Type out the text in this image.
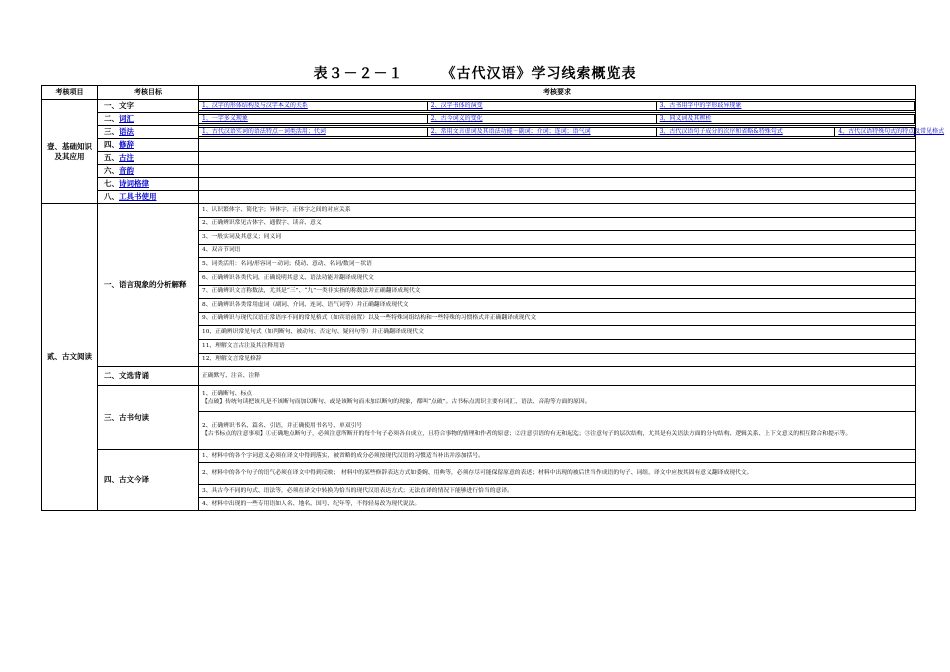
表３－２－１　　　《古代汉语》学习线索概览表
考核项目	考核目标	考核要求
壹、基础知识及其应用	一、文字		1、汉字的形体结构及与汉字本义的关系	2、汉字书体的演变	3、古书用字中的字形歧异现象

二、词汇		1、一字多义现象	2、古今词义的变化	3、同义词及其辨析

三、语法		1、古代汉语实词的语法特点－词类活用；代词	2、常用文言虚词及其语法功能－副词；介词；连词；语气词	3、古代汉语句子成分的次序和省略&特殊句式	4、古代汉语特殊句式的特点及常见格式

四、修辞	
五、古注	
六、音韵	
七、诗词格律	
八、工具书使用	
贰、古文阅读	一、语言现象的分析解释	1、认识繁体字、简化字；异体字，正体字之间的对应关系
2、正确辨识常见古体字、通假字、读音、意义
3、一般实词及其意义；同义词
4、双音节词语
5、词类活用：名词/形容词－动词；使动、意动、名词/数词－状语
6、正确辨识各类代词，正确说明其意义、语法功能并翻译成现代文
7、正确辨识文言称数法，尤其是“三”、“九”一类非实指的称数法并正确翻译成现代文
8、正确辨识各类常用虚词（副词、介词、连词、语气词等）并正确翻译成现代文
9、正确辨识与现代汉语正常语序不同的常见格式（如宾语前置）以及一些特殊词组结构和一些特殊的习惯格式并正确翻译成现代文
10、正确辨识常见句式（如判断句、被动句、否定句、疑问句等）并正确翻译成现代文
11、理解文言古注及其注释用语
12、理解文言常见修辞
二、文选背诵	正确默写、注音、注释
三、古书句读	
1、正确断句、标点
【点破】传统句读把该凡是不该断句而加以断句、或是该断句而未加以断句的现象，都叫“点破”。古书标点需识主要有词汇、语法、音韵等方面的原因。

2、正确辨识书名、篇名、引语，并正确使用书名号、单双引号
【古书标点的注意事项】①正确地点断句子，必须注意所断开的每个句子必须各自成立，且符合事物的情理和作者的原意；②注意引语的有无和起迄；③注意句子的层次结构，尤其是有关语法方面的分句结构、逻辑关系、上下文意义的相互除合和提示等。

四、古文今译	1、材料中的各个字词意义必须在译文中得到落实，被省略的成分必须按现代汉语的习惯适当补出并添加括号。
2、材料中的各个句子的语气必须在译文中得到反映； 材料中的某些修辞表达方式如委婉、用典等，必须存尽可能保留原意的表述；材料中出现的被后世当作成语的句子、词组，译文中应按其固有意义翻译成现代文。
3、具古今不同的句式、语法等，必须在译文中转换为恰当的现代汉语表达方式；无法直译的情况下能够进行恰当的意译。
4、材料中出现的一些专用语如人名、地名、国号、纪年等，不得轻易改为现代说法。
